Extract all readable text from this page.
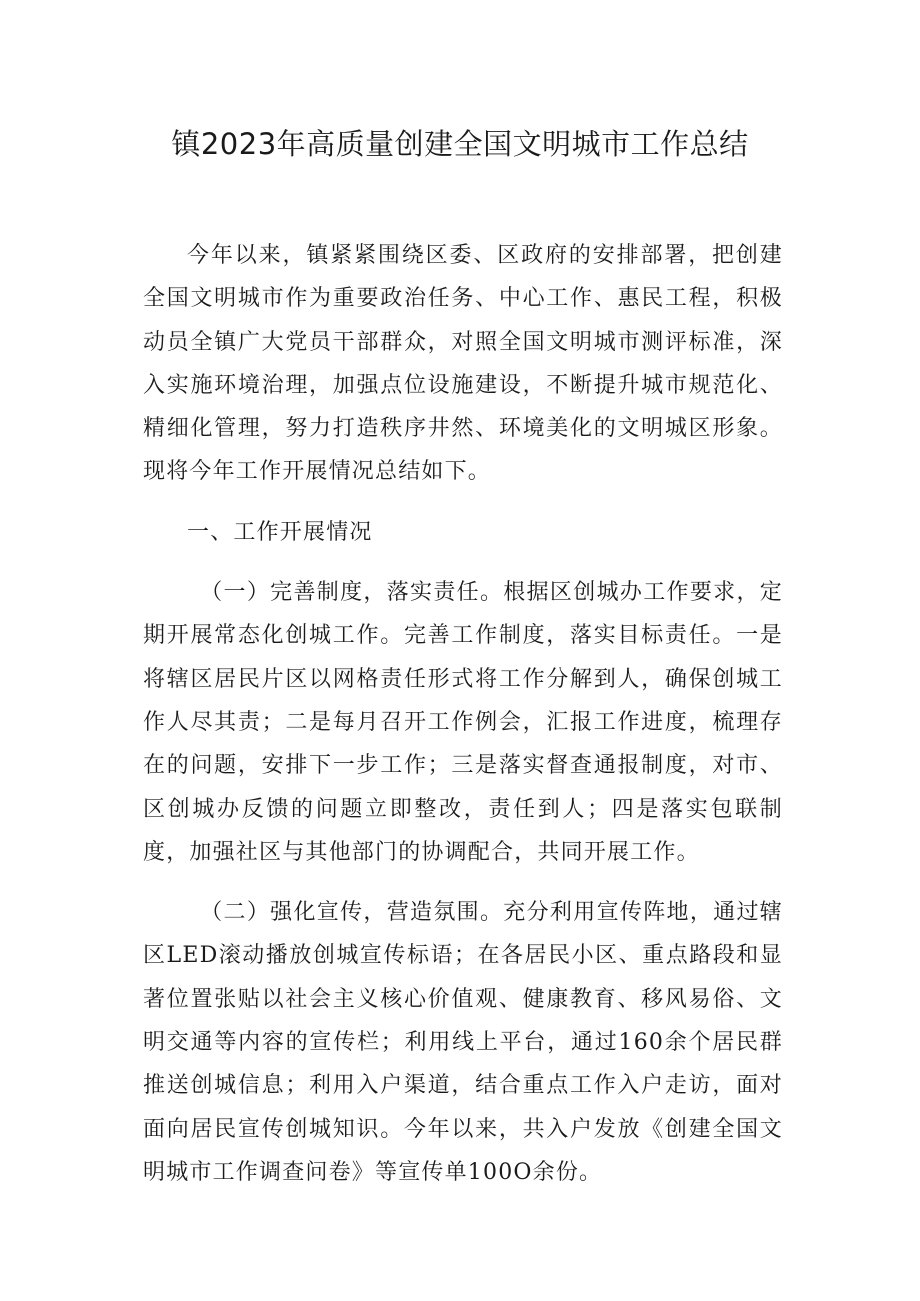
镇2023年高质量创建全国文明城市工作总结

今年以来，镇紧紧围绕区委、区政府的安排部署，把创建全国文明城市作为重要政治任务、中心工作、惠民工程，积极动员全镇广大党员干部群众，对照全国文明城市测评标准，深入实施环境治理，加强点位设施建设，不断提升城市规范化、精细化管理，努力打造秩序井然、环境美化的文明城区形象。现将今年工作开展情况总结如下。

一、工作开展情况

（一）完善制度，落实责任。根据区创城办工作要求，定期开展常态化创城工作。完善工作制度，落实目标责任。一是将辖区居民片区以网格责任形式将工作分解到人，确保创城工作人尽其责；二是每月召开工作例会，汇报工作进度，梳理存在的问题，安排下一步工作；三是落实督查通报制度，对市、区创城办反馈的问题立即整改，责任到人；四是落实包联制度，加强社区与其他部门的协调配合，共同开展工作。

（二）强化宣传，营造氛围。充分利用宣传阵地，通过辖区LED滚动播放创城宣传标语；在各居民小区、重点路段和显著位置张贴以社会主义核心价值观、健康教育、移风易俗、文明交通等内容的宣传栏；利用线上平台，通过160余个居民群推送创城信息；利用入户渠道，结合重点工作入户走访，面对面向居民宣传创城知识。今年以来，共入户发放《创建全国文明城市工作调查问卷》等宣传单100O余份。
